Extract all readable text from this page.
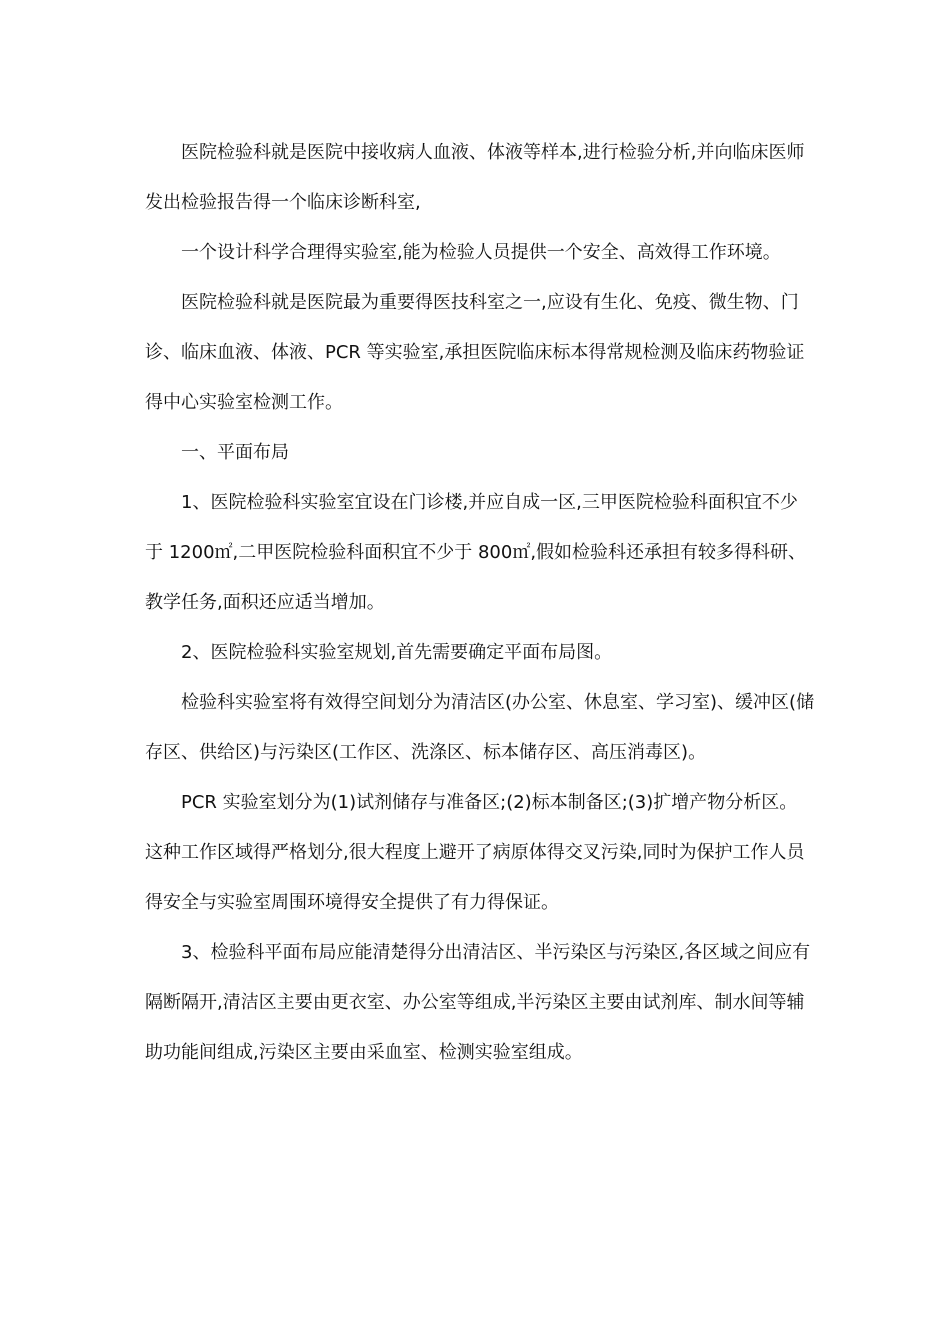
医院检验科就是医院中接收病人血液、体液等样本,进行检验分析,并向临床医师发出检验报告得一个临床诊断科室,

一个设计科学合理得实验室,能为检验人员提供一个安全、高效得工作环境。

医院检验科就是医院最为重要得医技科室之一,应设有生化、免疫、微生物、门诊、临床血液、体液、PCR 等实验室,承担医院临床标本得常规检测及临床药物验证得中心实验室检测工作。

一、平面布局

1、医院检验科实验室宜设在门诊楼,并应自成一区,三甲医院检验科面积宜不少于 1200㎡,二甲医院检验科面积宜不少于 800㎡,假如检验科还承担有较多得科研、教学任务,面积还应适当增加。

2、医院检验科实验室规划,首先需要确定平面布局图。

检验科实验室将有效得空间划分为清洁区(办公室、休息室、学习室)、缓冲区(储存区、供给区)与污染区(工作区、洗涤区、标本储存区、高压消毒区)。

PCR 实验室划分为(1)试剂储存与准备区;(2)标本制备区;(3)扩增产物分析区。这种工作区域得严格划分,很大程度上避开了病原体得交叉污染,同时为保护工作人员得安全与实验室周围环境得安全提供了有力得保证。

3、检验科平面布局应能清楚得分出清洁区、半污染区与污染区,各区域之间应有隔断隔开,清洁区主要由更衣室、办公室等组成,半污染区主要由试剂库、制水间等辅助功能间组成,污染区主要由采血室、检测实验室组成。
